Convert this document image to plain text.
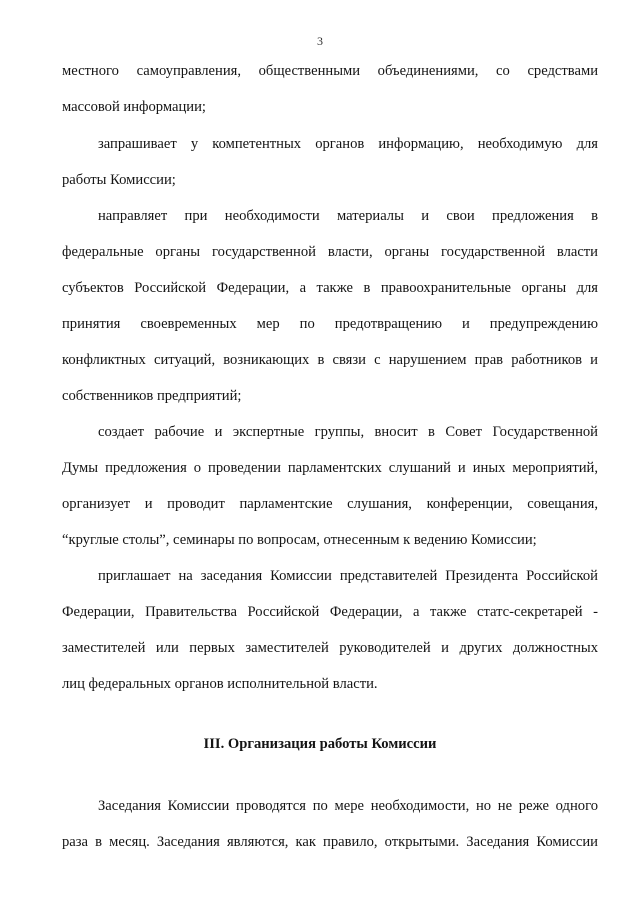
3
местного самоуправления, общественными объединениями, со средствами
массовой информации;
запрашивает у компетентных органов информацию, необходимую для
работы Комиссии;
направляет при необходимости материалы и свои предложения в
федеральные органы государственной власти, органы государственной власти
субъектов Российской Федерации, а также в правоохранительные органы для
принятия своевременных мер по предотвращению и предупреждению
конфликтных ситуаций, возникающих в связи с нарушением прав работников и
собственников предприятий;
создает рабочие и экспертные группы, вносит в Совет Государственной
Думы предложения о проведении парламентских слушаний и иных мероприятий,
организует и проводит парламентские слушания, конференции, совещания,
“круглые столы”, семинары по вопросам, отнесенным к ведению Комиссии;
приглашает на заседания Комиссии представителей Президента Российской
Федерации, Правительства Российской Федерации, а также статс-секретарей -
заместителей или первых заместителей руководителей и других должностных
лиц федеральных органов исполнительной власти.
III. Организация работы Комиссии
Заседания Комиссии проводятся по мере необходимости, но не реже одного
раза в месяц. Заседания являются, как правило, открытыми. Заседания Комиссии
